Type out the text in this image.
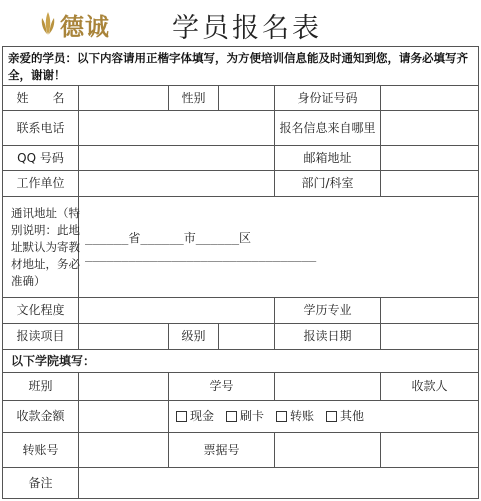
德诚 学员报名表
亲爱的学员：以下内容请用正楷字体填写，为方便培训信息能及时通知到您，请务必填写齐全，谢谢！
姓　　名	性别	身份证号码
联系电话	报名信息来自哪里
QQ 号码	邮箱地址
工作单位	部门/科室
通讯地址（特别说明：此地址默认为寄教材地址，务必准确）
______省______市______区
________________________________
文化程度	学历专业
报读项目	级别	报读日期
以下学院填写：
班别	学号	收款人
收款金额	现金 刷卡 转账 其他
转账号	票据号
备注
